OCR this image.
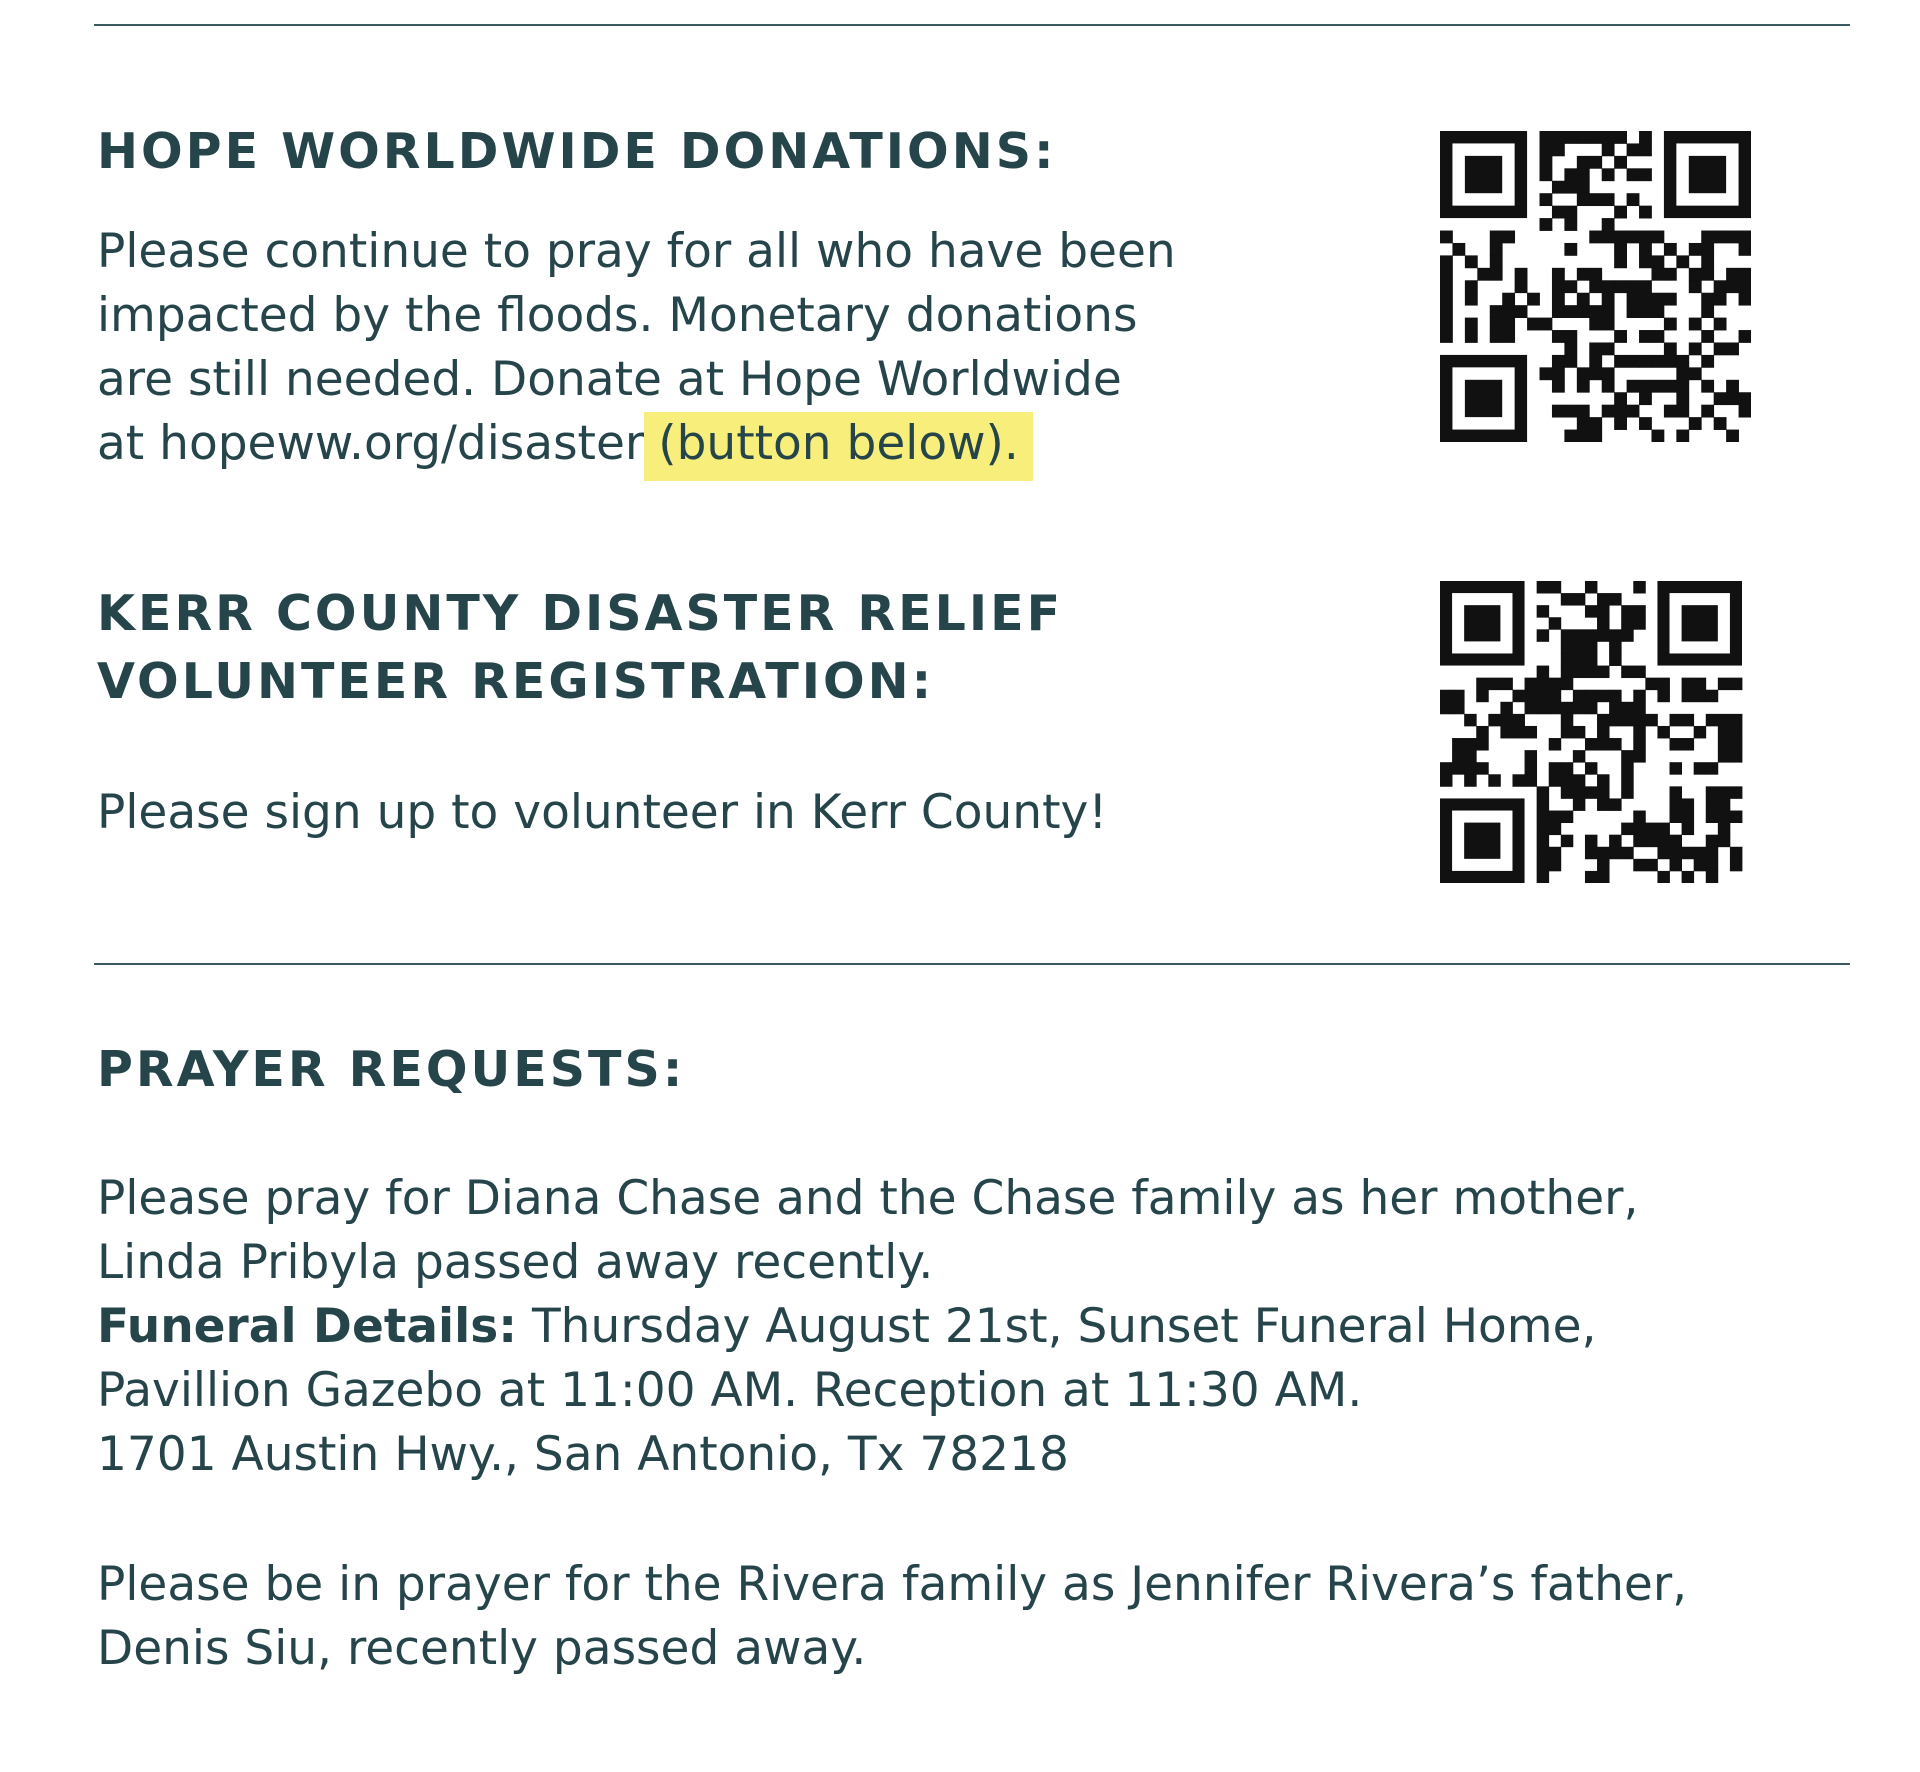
HOPE WORLDWIDE DONATIONS:
Please continue to pray for all who have been
impacted by the floods. Monetary donations
are still needed. Donate at Hope Worldwide
at hopeww.org/disaster (button below).
KERR COUNTY DISASTER RELIEF
VOLUNTEER REGISTRATION:
Please sign up to volunteer in Kerr County!
PRAYER REQUESTS:
Please pray for Diana Chase and the Chase family as her mother,
Linda Pribyla passed away recently.
Funeral Details: Thursday August 21st, Sunset Funeral Home,
Pavillion Gazebo at 11:00 AM. Reception at 11:30 AM.
1701 Austin Hwy., San Antonio, Tx 78218
Please be in prayer for the Rivera family as Jennifer Rivera’s father,
Denis Siu, recently passed away.
